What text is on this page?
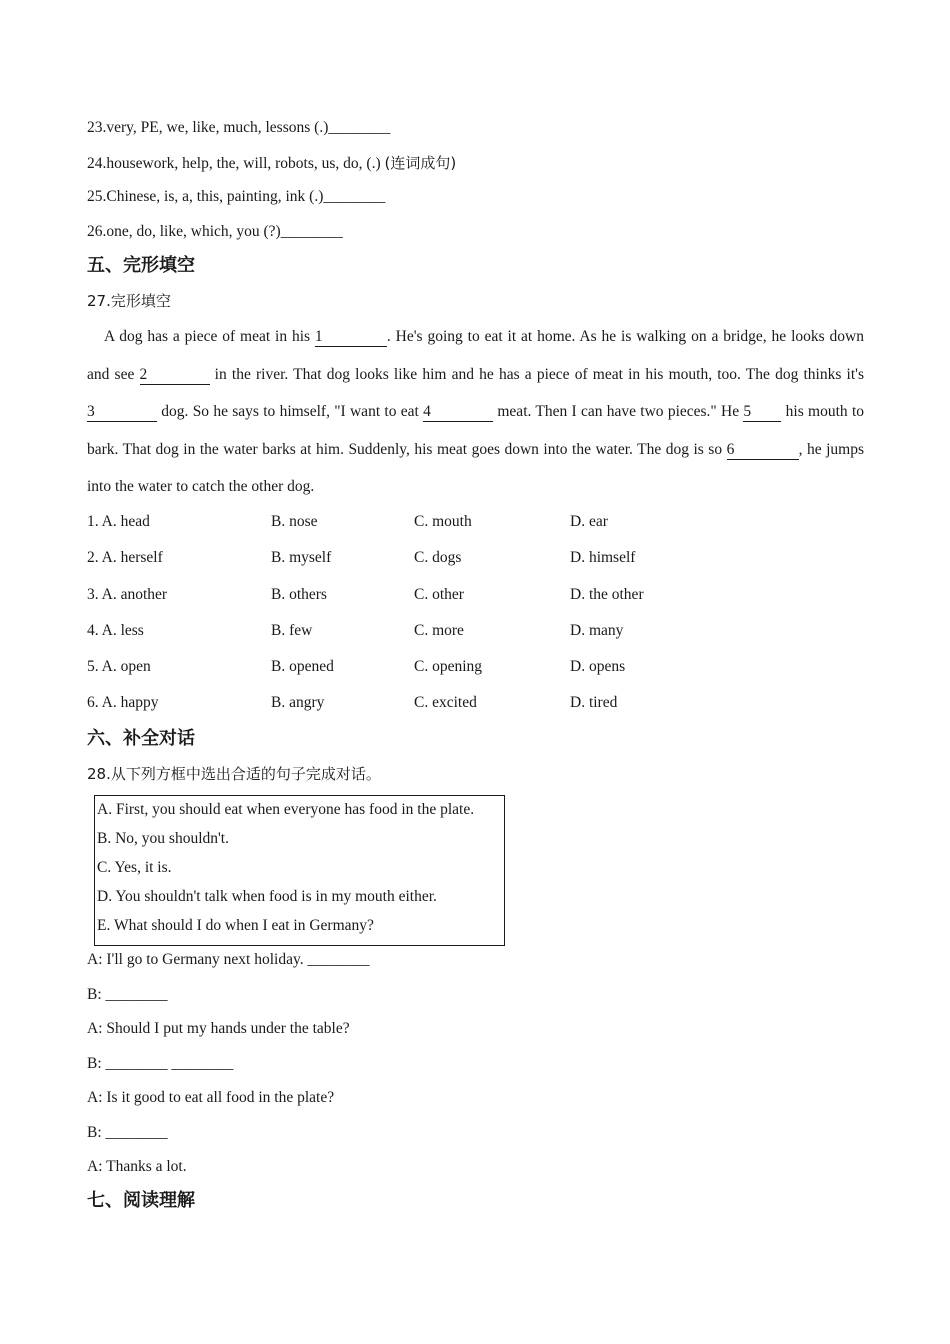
23.very, PE, we, like, much, lessons (.)________
24.housework, help, the, will, robots, us, do, (.) (连词成句)
25.Chinese, is, a, this, painting, ink (.)________
26.one, do, like, which, you (?)________
五、完形填空
27.完形填空
A dog has a piece of meat in his 1	. He's going to eat it at home. As he is walking on a bridge, he looks down and see 2	in the river. That dog looks like him and he has a piece of meat in his mouth, too. The dog thinks it's 3	dog. So he says to himself, "I want to eat 4	meat. Then I can have two pieces." He 5 his mouth to bark. That dog in the water barks at him. Suddenly, his meat goes down into the water. The dog is so 6	, he jumps into the water to catch the other dog.
1. A. head	B. nose	C. mouth	D. ear
2. A. herself	B. myself	C. dogs	D. himself
3. A. another	B. others	C. other	D. the other
4. A. less	B. few	C. more	D. many
5. A. open	B. opened	C. opening	D. opens
6. A. happy	B. angry	C. excited	D. tired
六、补全对话
28.从下列方框中选出合适的句子完成对话。
A. First, you should eat when everyone has food in the plate.
B. No, you shouldn't.
C. Yes, it is.
D. You shouldn't talk when food is in my mouth either.
E. What should I do when I eat in Germany?
A: I'll go to Germany next holiday. ________
B: ________
A: Should I put my hands under the table?
B: ________ ________
A: Is it good to eat all food in the plate?
B: ________
A: Thanks a lot.
七、阅读理解
